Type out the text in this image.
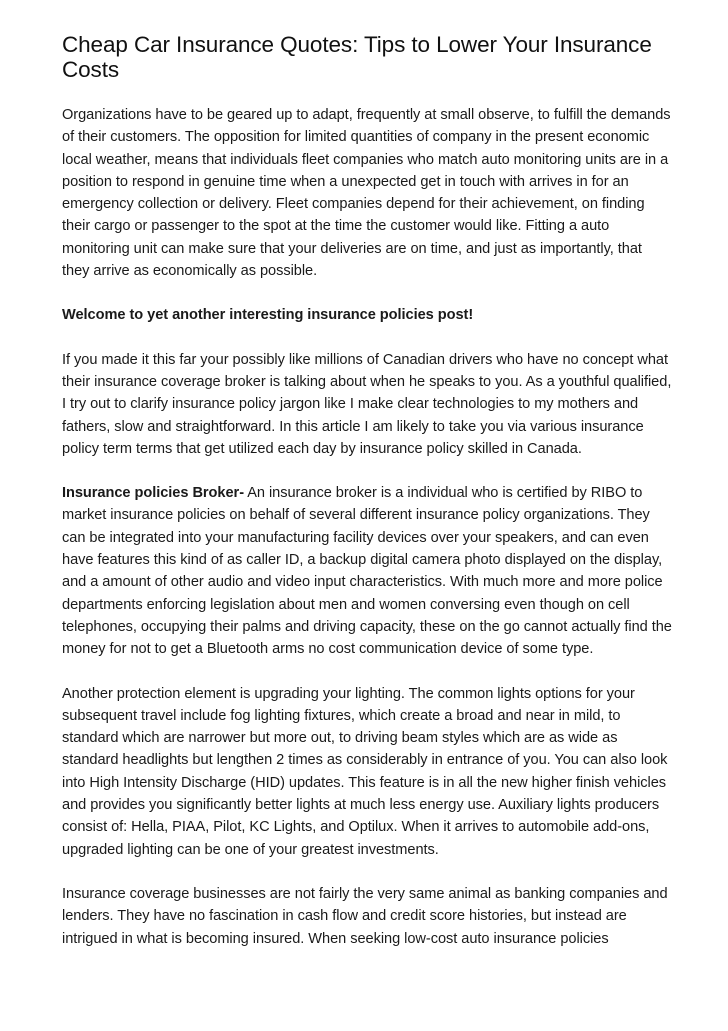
Cheap Car Insurance Quotes: Tips to Lower Your Insurance Costs

Organizations have to be geared up to adapt, frequently at small observe, to fulfill the demands of their customers. The opposition for limited quantities of company in the present economic local weather, means that individuals fleet companies who match auto monitoring units are in a position to respond in genuine time when a unexpected get in touch with arrives in for an emergency collection or delivery. Fleet companies depend for their achievement, on finding their cargo or passenger to the spot at the time the customer would like. Fitting a auto monitoring unit can make sure that your deliveries are on time, and just as importantly, that they arrive as economically as possible.

Welcome to yet another interesting insurance policies post!

If you made it this far your possibly like millions of Canadian drivers who have no concept what their insurance coverage broker is talking about when he speaks to you. As a youthful qualified, I try out to clarify insurance policy jargon like I make clear technologies to my mothers and fathers, slow and straightforward. In this article I am likely to take you via various insurance policy term terms that get utilized each day by insurance policy skilled in Canada.

Insurance policies Broker- An insurance broker is a individual who is certified by RIBO to market insurance policies on behalf of several different insurance policy organizations. They can be integrated into your manufacturing facility devices over your speakers, and can even have features this kind of as caller ID, a backup digital camera photo displayed on the display, and a amount of other audio and video input characteristics. With much more and more police departments enforcing legislation about men and women conversing even though on cell telephones, occupying their palms and driving capacity, these on the go cannot actually find the money for not to get a Bluetooth arms no cost communication device of some type.

Another protection element is upgrading your lighting. The common lights options for your subsequent travel include fog lighting fixtures, which create a broad and near in mild, to standard which are narrower but more out, to driving beam styles which are as wide as standard headlights but lengthen 2 times as considerably in entrance of you. You can also look into High Intensity Discharge (HID) updates. This feature is in all the new higher finish vehicles and provides you significantly better lights at much less energy use. Auxiliary lights producers consist of: Hella, PIAA, Pilot, KC Lights, and Optilux. When it arrives to automobile add-ons, upgraded lighting can be one of your greatest investments.

Insurance coverage businesses are not fairly the very same animal as banking companies and lenders. They have no fascination in cash flow and credit score histories, but instead are intrigued in what is becoming insured. When seeking low-cost auto insurance policies
